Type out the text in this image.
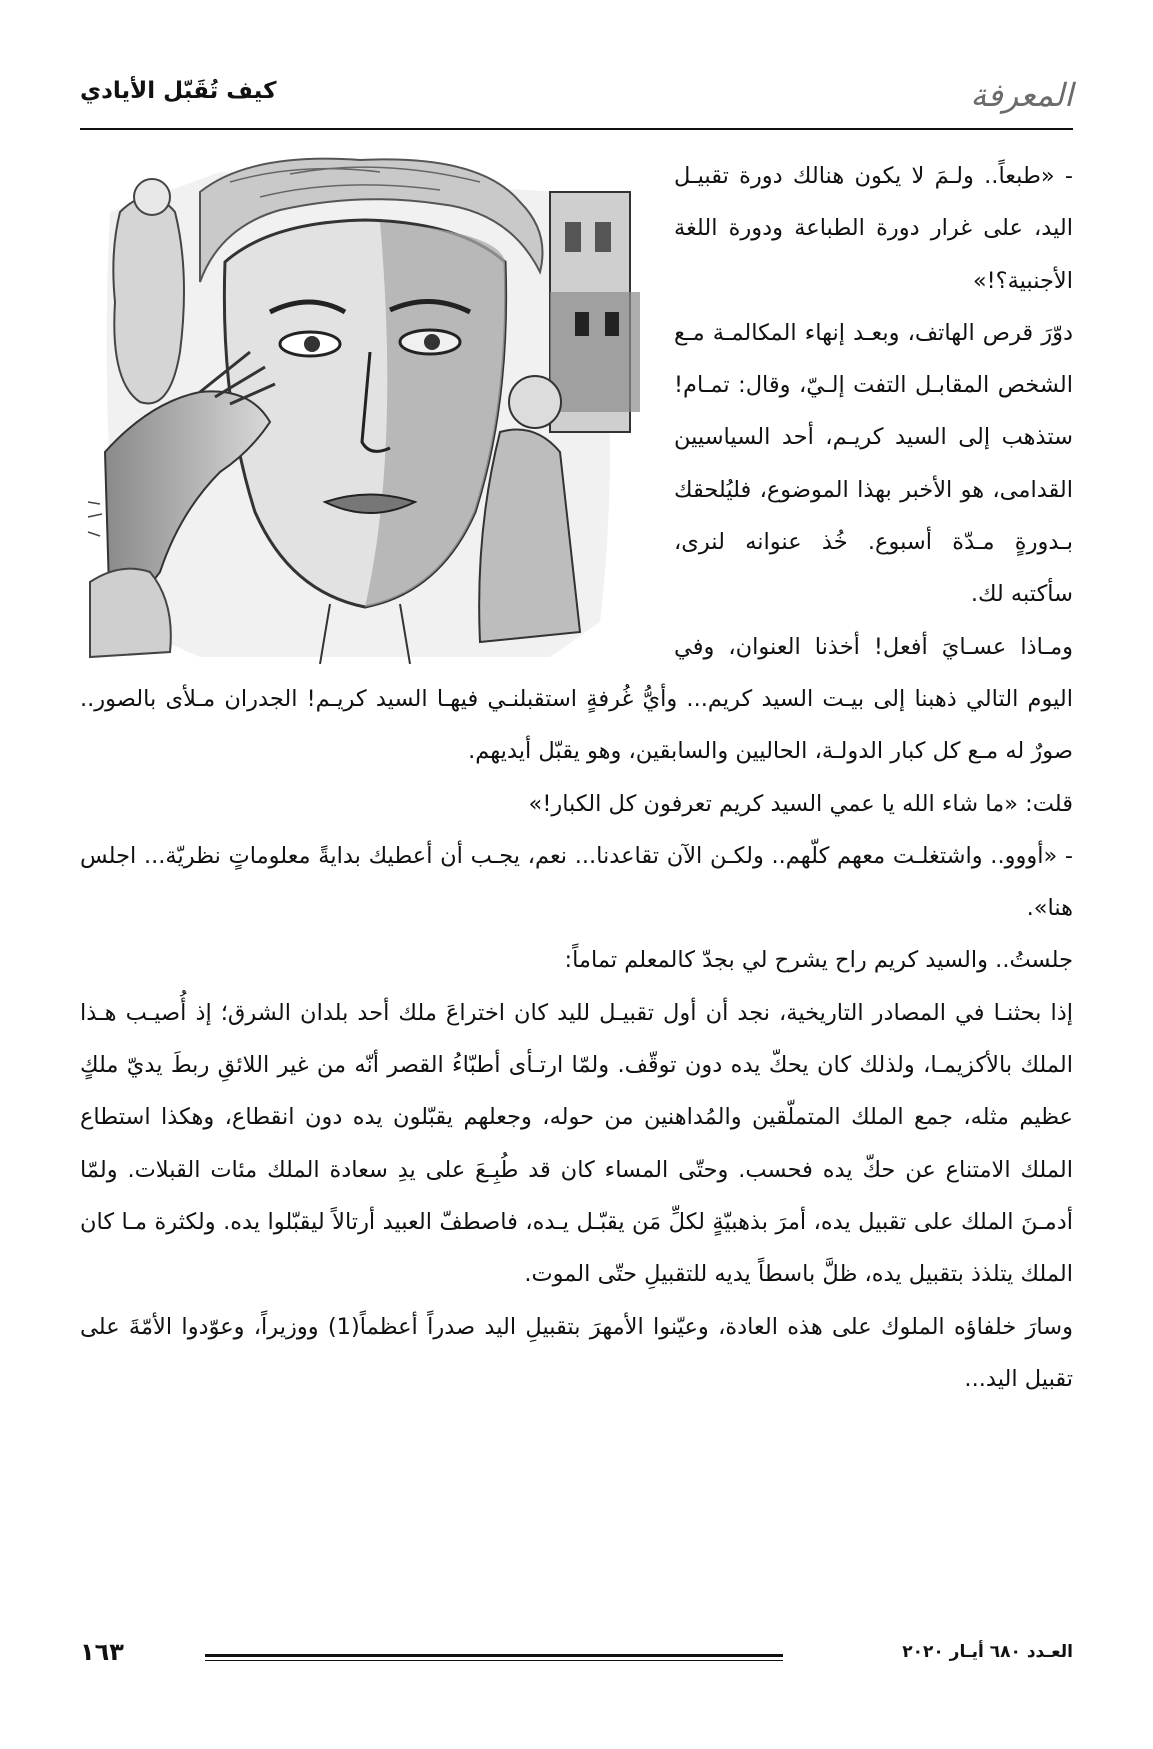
المعرفة
كيف تُقَبّل الأيادي

- «طبعاً.. ولـمَ لا يكون هنالك دورة تقبيـل اليد، على غرار دورة الطباعة ودورة اللغة الأجنبية؟!»

دوّرَ قرص الهاتف، وبعـد إنهاء المكالمـة مـع الشخص المقابـل التفت إلـيّ، وقال: تمـام! ستذهب إلى السيد كريـم، أحد السياسيين القدامى، هو الأخبر بهذا الموضوع، فليُلحقك بـدورةٍ مـدّة أسبوع. خُذ عنوانه لنرى، سأكتبه لك.

ومـاذا عسـايَ أفعل! أخذنا العنوان، وفي اليوم التالي ذهبنا إلى بيـت السيد كريم... وأيُّ غُرفةٍ استقبلنـي فيهـا السيد كريـم! الجدران مـلأى بالصور.. صورٌ له مـع كل كبار الدولـة، الحاليين والسابقين، وهو يقبّل أيديهم.

قلت: «ما شاء الله يا عمي السيد كريم تعرفون كل الكبار!»

- «أووو.. واشتغلـت معهم كلّهم.. ولكـن الآن تقاعدنا... نعم، يجـب أن أعطيك بدايةً معلوماتٍ نظريّة... اجلس هنا».

جلستُ.. والسيد كريم راح يشرح لي بجدّ كالمعلم تماماً:

إذا بحثنـا في المصادر التاريخية، نجد أن أول تقبيـل لليد كان اختراعَ ملك أحد بلدان الشرق؛ إذ أُصيـب هـذا الملك بالأكزيمـا، ولذلك كان يحكّ يده دون توقّف. ولمّا ارتـأى أطبّاءُ القصر أنّه من غير اللائقِ ربطَ يديّ ملكٍ عظيم مثله، جمع الملك المتملّقين والمُداهنين من حوله، وجعلهم يقبّلون يده دون انقطاع، وهكذا استطاع الملك الامتناع عن حكّ يده فحسب. وحتّى المساء كان قد طُبِـعَ على يدِ سعادة الملك مئات القبلات. ولمّا أدمـنَ الملك على تقبيل يده، أمرَ بذهبيّةٍ لكلِّ مَن يقبّـل يـده، فاصطفّ العبيد أرتالاً ليقبّلوا يده. ولكثرة مـا كان الملك يتلذذ بتقبيل يده، ظلَّ باسطاً يديه للتقبيلِ حتّى الموت.

وسارَ خلفاؤه الملوك على هذه العادة، وعيّنوا الأمهرَ بتقبيلِ اليد صدراً أعظماً(1) ووزيراً، وعوّدوا الأمّةَ على تقبيل اليد...

١٦٣	العـدد ٦٨٠ أيـار ٢٠٢٠
